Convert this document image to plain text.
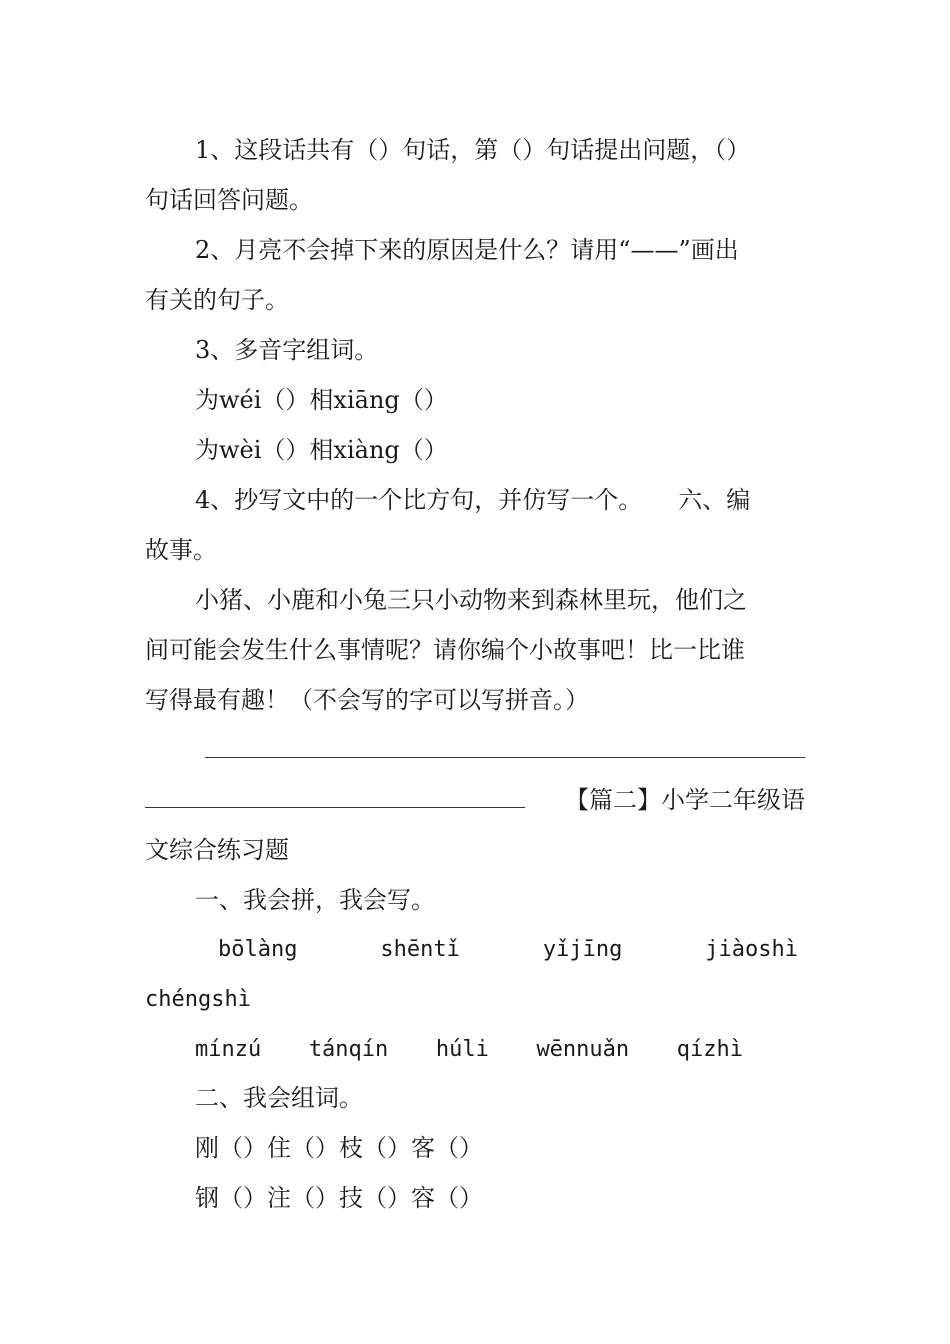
1、这段话共有（）句话，第（）句话提出问题，（）
句话回答问题。
2、月亮不会掉下来的原因是什么？请用“——”画出
有关的句子。
3、多音字组词。
为wéi（）相xiāng（）
为wèi（）相xiàng（）
4、抄写文中的一个比方句，并仿写一个。　　六、编
故事。
小猪、小鹿和小兔三只小动物来到森林里玩，他们之
间可能会发生什么事情呢？请你编个小故事吧！比一比谁
写得最有趣！（不会写的字可以写拼音。）
【篇二】小学二年级语
文综合练习题
一、我会拼，我会写。
bōlàng	shēntǐ	yǐjīng	jiàoshì
chéngshì
mínzú tánqín húli wēnnuǎn qízhì
二、我会组词。
刚（）住（）枝（）客（）
钢（）注（）技（）容（）
